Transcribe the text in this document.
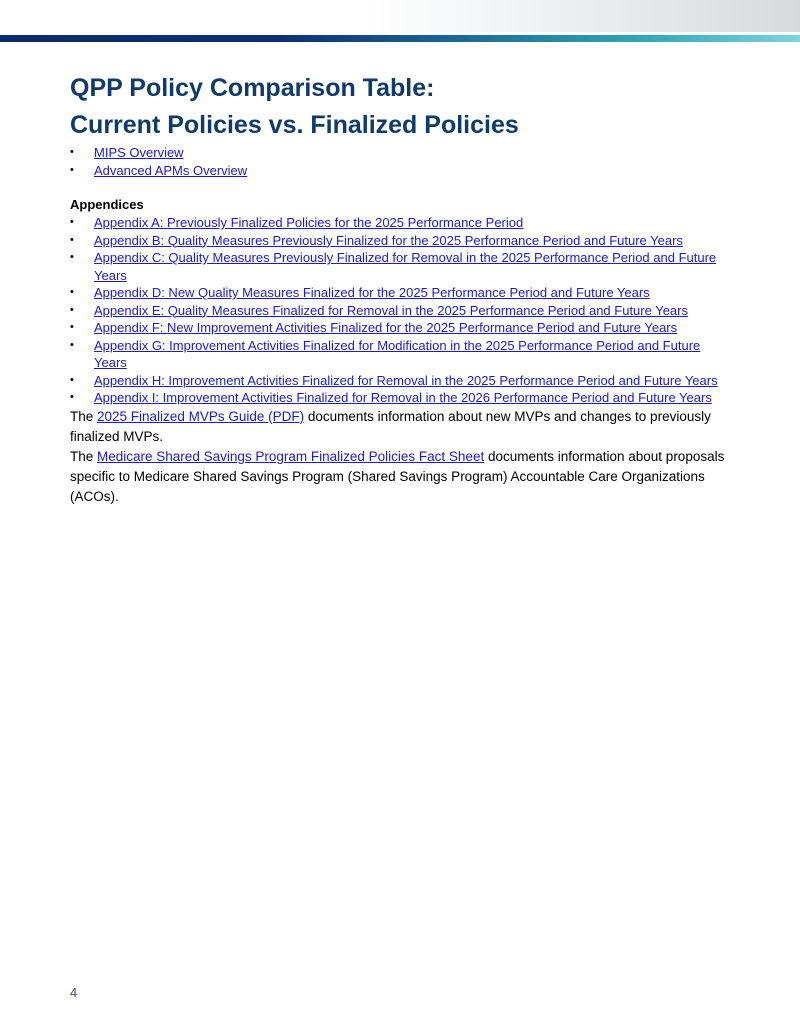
QPP Policy Comparison Table:
Current Policies vs. Finalized Policies
• MIPS Overview
• Advanced APMs Overview
Appendices
• Appendix A: Previously Finalized Policies for the 2025 Performance Period
• Appendix B: Quality Measures Previously Finalized for the 2025 Performance Period and Future Years
• Appendix C: Quality Measures Previously Finalized for Removal in the 2025 Performance Period and Future Years
• Appendix D: New Quality Measures Finalized for the 2025 Performance Period and Future Years
• Appendix E: Quality Measures Finalized for Removal in the 2025 Performance Period and Future Years
• Appendix F: New Improvement Activities Finalized for the 2025 Performance Period and Future Years
• Appendix G: Improvement Activities Finalized for Modification in the 2025 Performance Period and Future Years
• Appendix H: Improvement Activities Finalized for Removal in the 2025 Performance Period and Future Years
• Appendix I: Improvement Activities Finalized for Removal in the 2026 Performance Period and Future Years

The 2025 Finalized MVPs Guide (PDF) documents information about new MVPs and changes to previously finalized MVPs.

The Medicare Shared Savings Program Finalized Policies Fact Sheet documents information about proposals specific to Medicare Shared Savings Program (Shared Savings Program) Accountable Care Organizations (ACOs).

4
